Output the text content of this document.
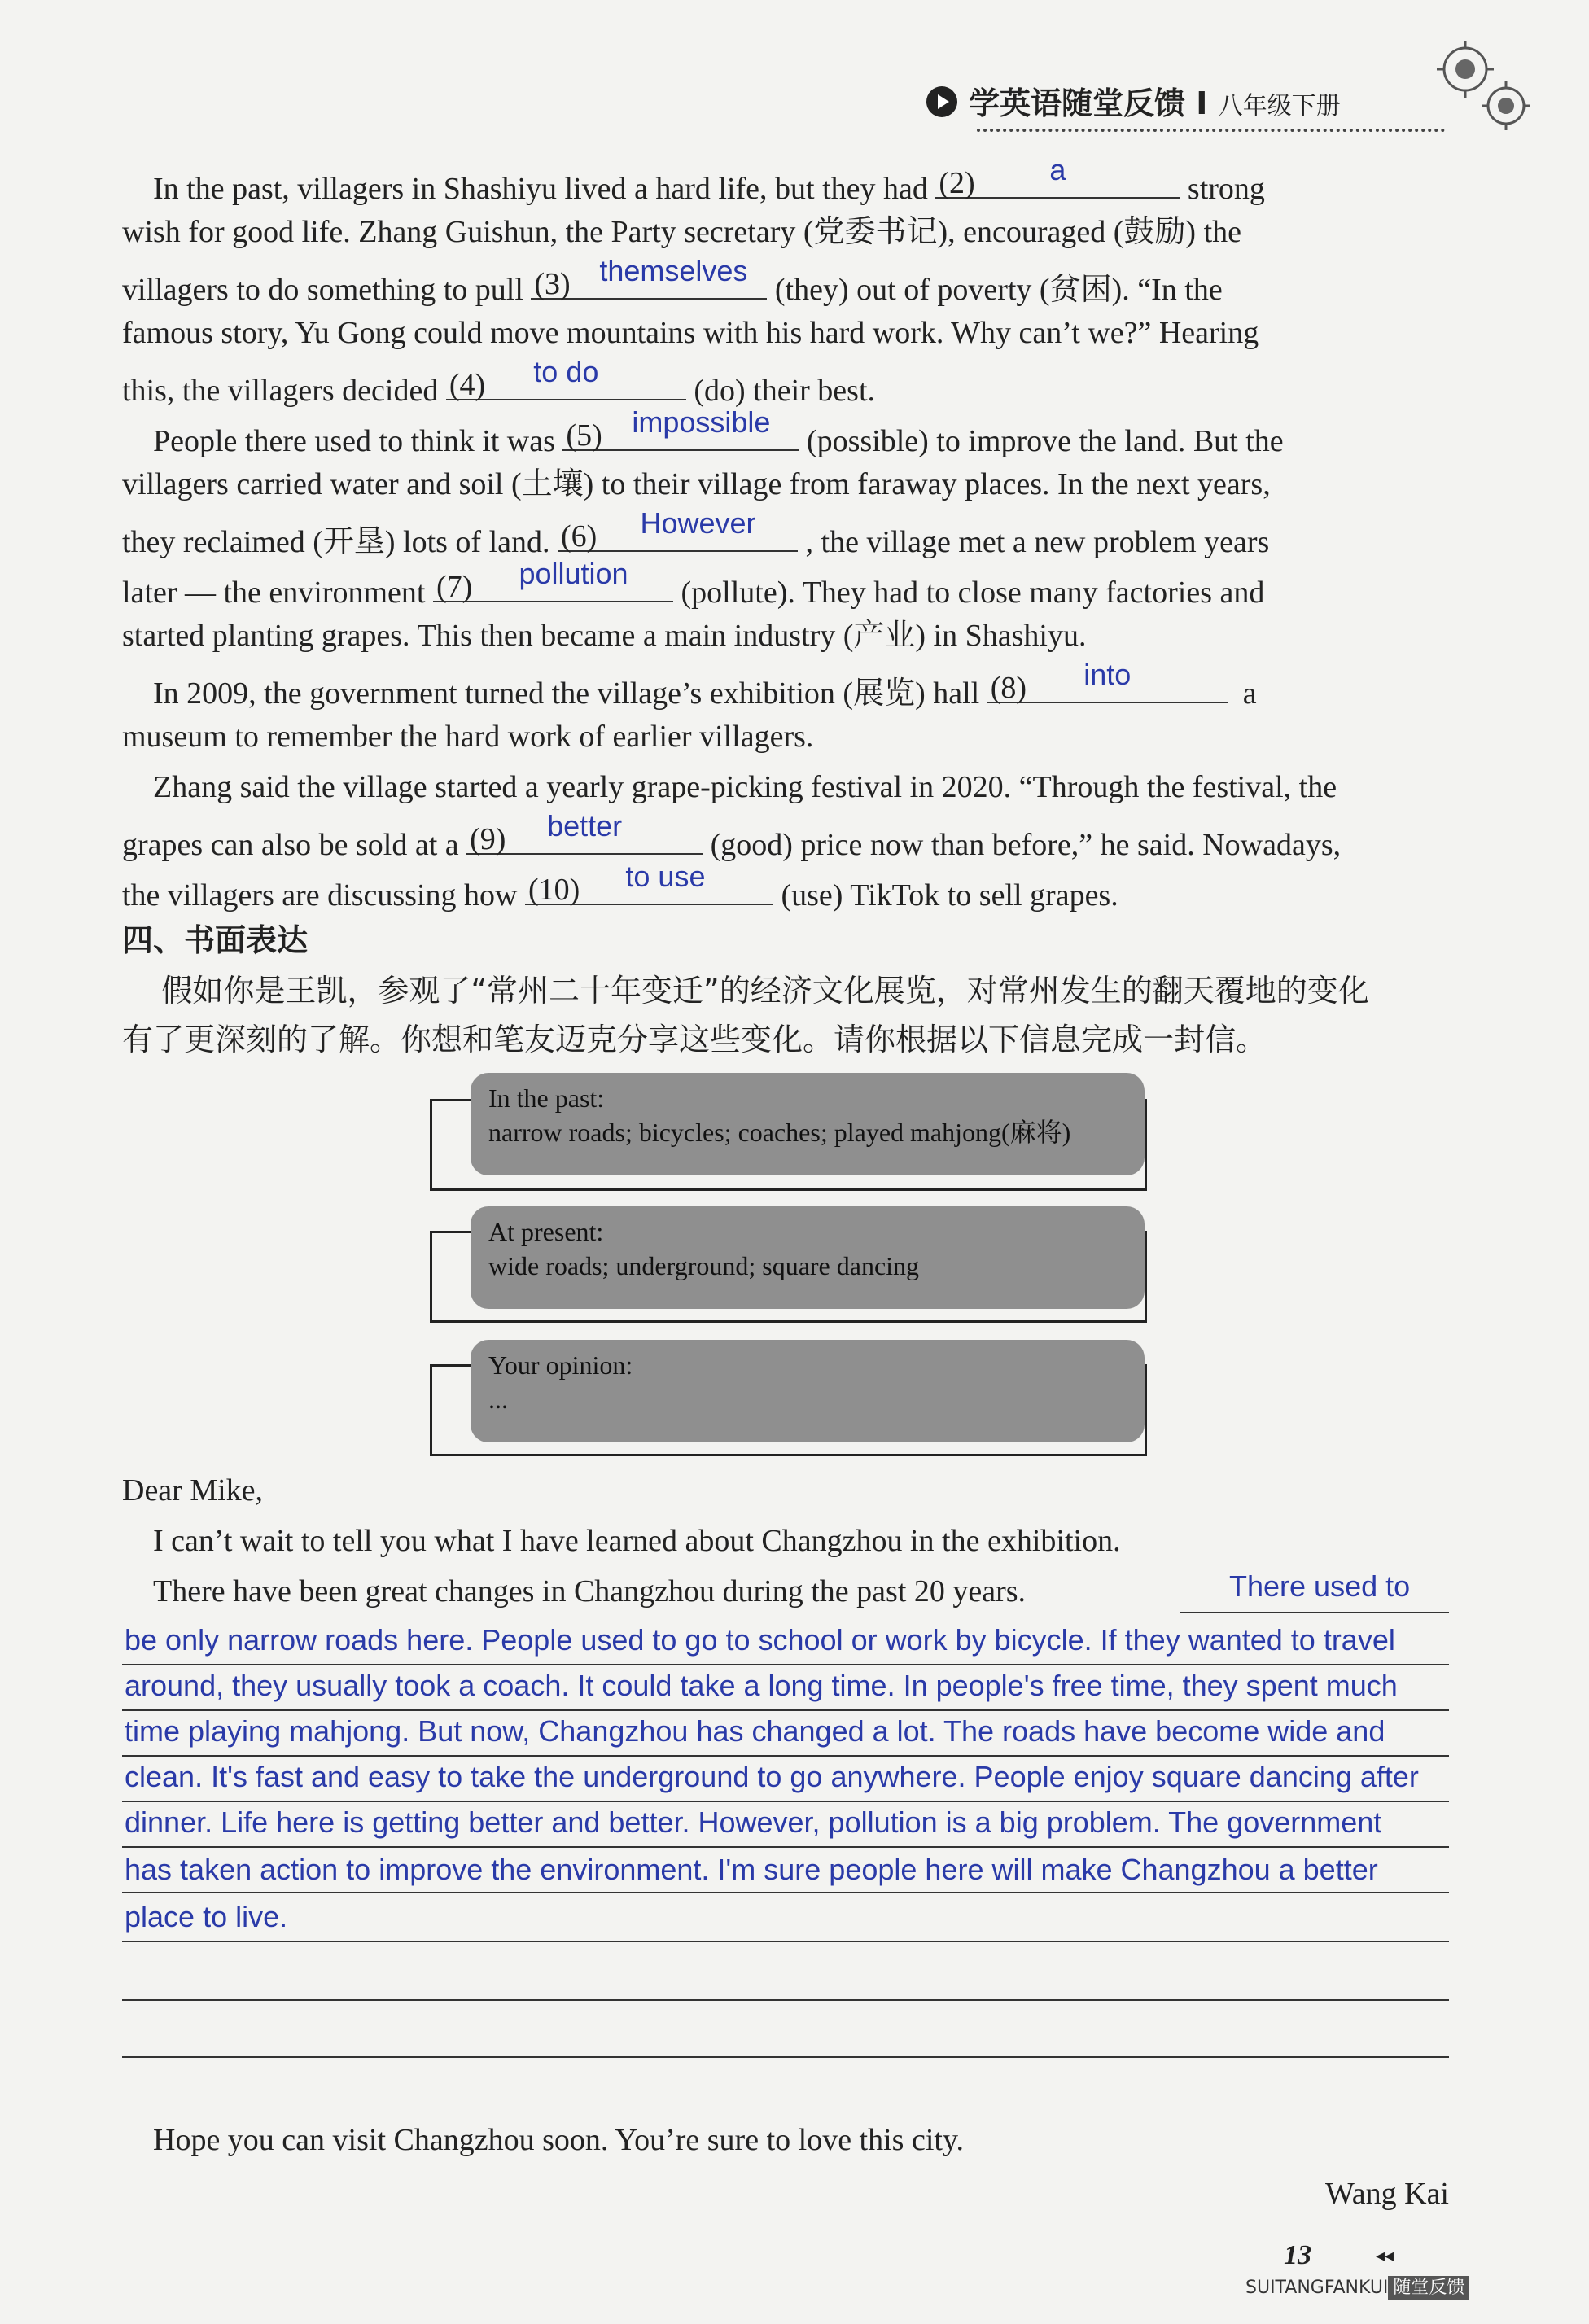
学英语随堂反馈 I 八年级下册
In the past, villagers in Shashiyu lived a hard life, but they had (2)	a
strong
wish for good life. Zhang Guishun, the Party secretary (党委书记), encouraged (鼓励) the
villagers to do something to pull (3) themselves
(they) out of poverty (贫困). “In the
famous story, Yu Gong could move mountains with his hard work. Why can’t we?” Hearing
this, the villagers decided (4)	to do
(do) their best.
People there used to think it was (5)	impossible
(possible) to improve the land. But the
villagers carried water and soil (土壤) to their village from faraway places. In the next years,
they reclaimed (开垦) lots of land. (6)	However
, the village met a new problem years
later — the environment (7)	pollution
(pollute). They had to close many factories and
started planting grapes. This then became a main industry (产业) in Shashiyu.
In 2009, the government turned the village’s exhibition (展览) hall (8)	into
a
museum to remember the hard work of earlier villagers.
Zhang said the village started a yearly grape-picking festival in 2020. “Through the festival, the
grapes can also be sold at a (9)	better
(good) price now than before,” he said. Nowadays,
the villagers are discussing how (10)	to use
(use) TikTok to sell grapes.
四、书面表达
假如你是王凯，参观了“常州二十年变迁”的经济文化展览，对常州发生的翻天覆地的变化
有了更深刻的了解。你想和笔友迈克分享这些变化。请你根据以下信息完成一封信。
In the past:
narrow roads; bicycles; coaches; played mahjong(麻将)
At present:
wide roads; underground; square dancing
Your opinion:
...
Dear Mike,
I can’t wait to tell you what I have learned about Changzhou in the exhibition.
There have been great changes in Changzhou during the past 20 years.	There used to
be only narrow roads here. People used to go to school or work by bicycle. If they wanted to travel
around, they usually took a coach. It could take a long time. In people's free time, they spent much
time playing mahjong. But now, Changzhou has changed a lot. The roads have become wide and
clean. It's fast and easy to take the underground to go anywhere. People enjoy square dancing after
dinner. Life here is getting better and better. However, pollution is a big problem. The government
has taken action to improve the environment. I'm sure people here will make Changzhou a better
place to live.
Hope you can visit Changzhou soon. You’re sure to love this city.
Wang Kai
13	◂◂
SUITANGFANKUI 随堂反馈
